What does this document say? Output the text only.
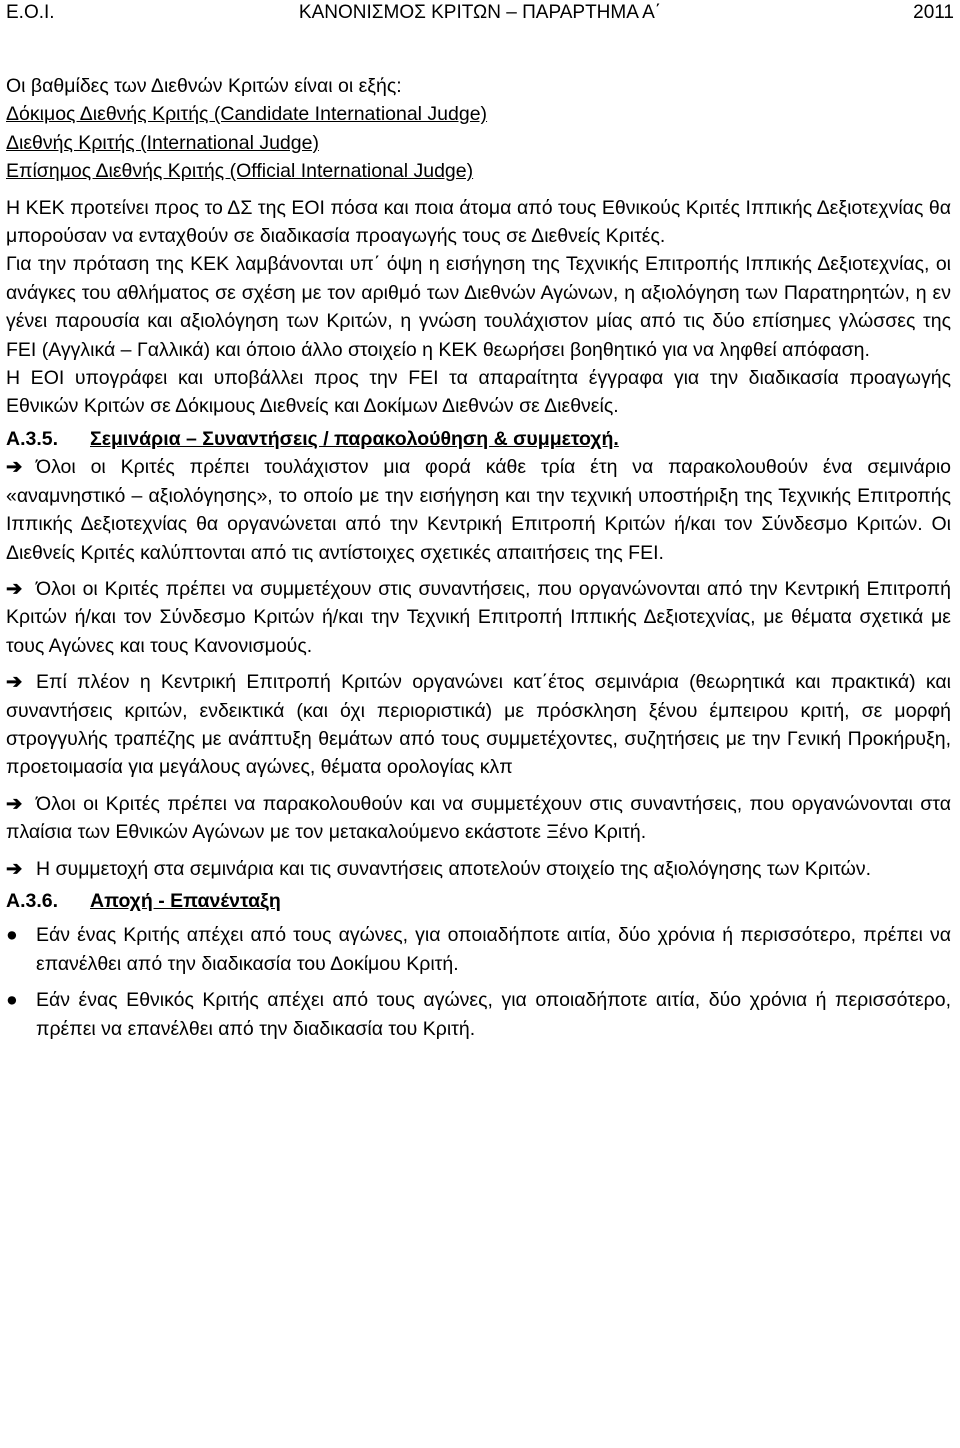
ΚΑΝΟΝΙΣΜΟΣ ΚΡΙΤΩΝ – ΠΑΡΑΡΤΗΜΑ Α΄
Ε.Ο.Ι.	2011

Οι βαθμίδες των Διεθνών Κριτών είναι οι εξής:

Δόκιμος Διεθνής Κριτής (Candidate International Judge)

Διεθνής Κριτής (International Judge)

Επίσημος Διεθνής Κριτής (Official International Judge)

Η ΚΕΚ προτείνει προς το ΔΣ της ΕΟΙ πόσα και ποια άτομα από τους Εθνικούς Κριτές Ιππικής Δεξιοτεχνίας θα μπορούσαν να ενταχθούν σε διαδικασία προαγωγής τους σε Διεθνείς Κριτές.

Για την πρόταση της ΚΕΚ λαμβάνονται υπ΄ όψη η εισήγηση της Τεχνικής Επιτροπής Ιππικής Δεξιοτεχνίας, οι ανάγκες του αθλήματος σε σχέση με τον αριθμό των Διεθνών Αγώνων, η αξιολόγηση των Παρατηρητών, η εν γένει παρουσία και αξιολόγηση των Κριτών, η γνώση τουλάχιστον μίας από τις δύο επίσημες γλώσσες της FEI (Αγγλικά – Γαλλικά) και όποιο άλλο στοιχείο η ΚΕΚ θεωρήσει βοηθητικό για να ληφθεί απόφαση.

Η ΕΟΙ υπογράφει και υποβάλλει προς την FEI τα απαραίτητα έγγραφα για την διαδικασία προαγωγής Εθνικών Κριτών σε Δόκιμους Διεθνείς και Δοκίμων Διεθνών σε Διεθνείς.

Α.3.5. Σεμινάρια – Συναντήσεις / παρακολούθηση & συμμετοχή.

➔ Όλοι οι Κριτές πρέπει τουλάχιστον μια φορά κάθε τρία έτη να παρακολουθούν ένα σεμινάριο «αναμνηστικό – αξιολόγησης», το οποίο με την εισήγηση και την τεχνική υποστήριξη της Τεχνικής Επιτροπής Ιππικής Δεξιοτεχνίας θα οργανώνεται από την Κεντρική Επιτροπή Κριτών ή/και τον Σύνδεσμο Κριτών. Οι Διεθνείς Κριτές καλύπτονται από τις αντίστοιχες σχετικές απαιτήσεις της FEI.

➔ Όλοι οι Κριτές πρέπει να συμμετέχουν στις συναντήσεις, που οργανώνονται από την Κεντρική Επιτροπή Κριτών ή/και τον Σύνδεσμο Κριτών ή/και την Τεχνική Επιτροπή Ιππικής Δεξιοτεχνίας, με θέματα σχετικά με τους Αγώνες και τους Κανονισμούς.

➔ Επί πλέον η Κεντρική Επιτροπή Κριτών οργανώνει κατ΄έτος σεμινάρια (θεωρητικά και πρακτικά) και συναντήσεις κριτών, ενδεικτικά (και όχι περιοριστικά) με πρόσκληση ξένου έμπειρου κριτή, σε μορφή στρογγυλής τραπέζης με ανάπτυξη θεμάτων από τους συμμετέχοντες, συζητήσεις με την Γενική Προκήρυξη, προετοιμασία για μεγάλους αγώνες, θέματα ορολογίας κλπ

➔ Όλοι οι Κριτές πρέπει να παρακολουθούν και να συμμετέχουν στις συναντήσεις, που οργανώνονται στα πλαίσια των Εθνικών Αγώνων με τον μετακαλούμενο εκάστοτε Ξένο Κριτή.

➔ Η συμμετοχή στα σεμινάρια και τις συναντήσεις αποτελούν στοιχείο της αξιολόγησης των Κριτών.

Α.3.6. Αποχή - Επανένταξη

● Εάν ένας Κριτής απέχει από τους αγώνες, για οποιαδήποτε αιτία, δύο χρόνια ή περισσότερο, πρέπει να επανέλθει από την διαδικασία του Δοκίμου Κριτή.

● Εάν ένας Εθνικός Κριτής απέχει από τους αγώνες, για οποιαδήποτε αιτία, δύο χρόνια ή περισσότερο, πρέπει να επανέλθει από την διαδικασία του Κριτή.
